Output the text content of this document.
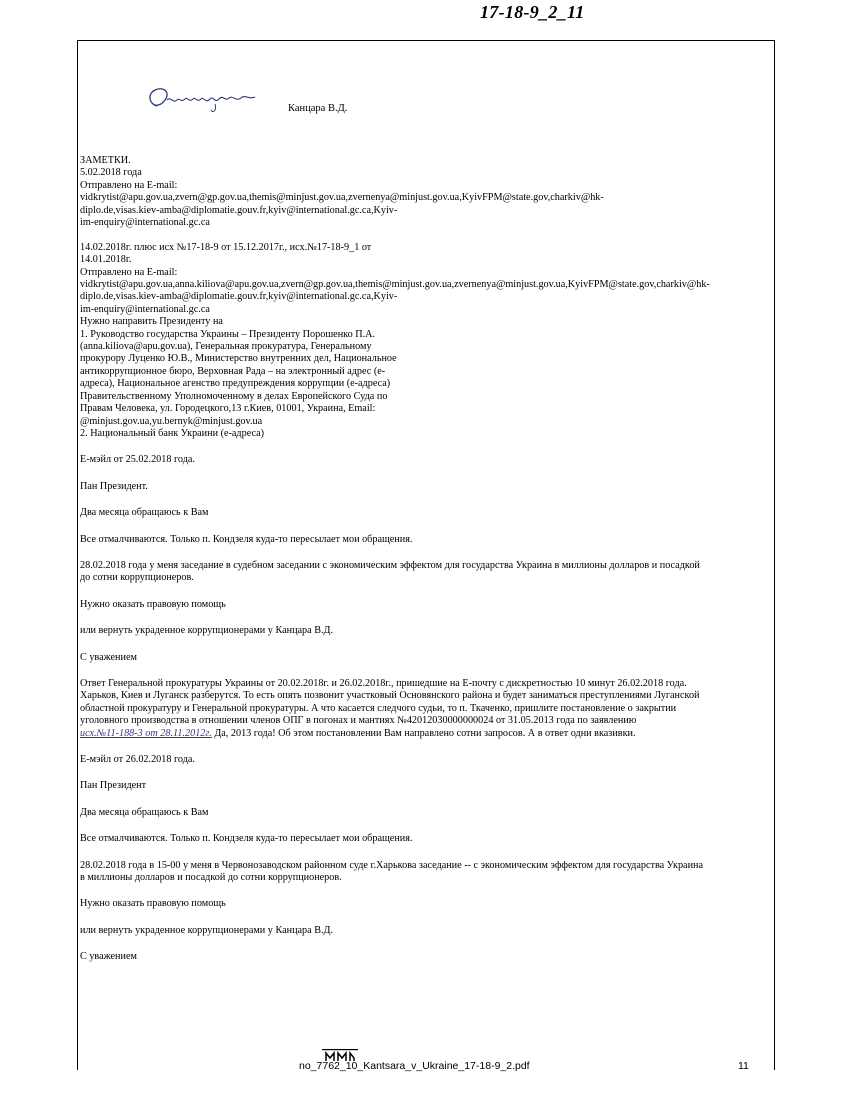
17-18-9_2_11
Канцара В.Д.
ЗАМЕТКИ.
5.02.2018 года
Отправлено на E-mail:
vidkrytist@apu.gov.ua,zvern@gp.gov.ua,themis@minjust.gov.ua,zvernenya@minjust.gov.ua,KyivFPM@state.gov,charkiv@hk-
diplo.de,visas.kiev-amba@diplomatie.gouv.fr,kyiv@international.gc.ca,Kyiv-
im-enquiry@international.gc.ca
14.02.2018г. плюс исх №17-18-9 от 15.12.2017г., исх.№17-18-9_1 от
14.01.2018г.
Отправлено на E-mail:
vidkrytist@apu.gov.ua,anna.kiliova@apu.gov.ua,zvern@gp.gov.ua,themis@minjust.gov.ua,zvernenya@minjust.gov.ua,KyivFPM@state.gov,charkiv@hk-
diplo.de,visas.kiev-amba@diplomatie.gouv.fr,kyiv@international.gc.ca,Kyiv-
im-enquiry@international.gc.ca
Нужно направить Президенту на
1. Руководство государства Украины – Президенту Порошенко П.А.
(anna.kiliova@apu.gov.ua), Генеральная прокуратура, Генеральному
прокурору Луценко Ю.В., Министерство внутренних дел, Национальное
антикоррупционное бюро, Верховная Рада – на электронный адрес (е-
адреса), Национальное агенство предупреждения коррупции (е-адреса)
Правительственному Уполномоченному в делах Европейского Суда по
Правам Человека, ул. Городецкого,13 г.Киев, 01001, Украина, Email:
@minjust.gov.ua,yu.bernyk@minjust.gov.ua
2. Национальный банк Украини (е-адреса)
Е-мэйл от 25.02.2018 года.
Пан Президент.
Два месяца обращаюсь к Вам
Все отмалчиваются. Только п. Кондзеля куда-то пересылает мои обращения.
28.02.2018 года у меня заседание в судебном заседании с экономическим эффектом для государства Украина в миллионы долларов и посадкой
до сотни коррупционеров.
Нужно оказать правовую помощь
или вернуть украденное коррупционерами у Канцара В.Д.
С уважением
Ответ Генеральной прокуратуры Украины от 20.02.2018г. и 26.02.2018г., пришедшие на Е-почту с дискретностью 10 минут 26.02.2018 года.
Харьков, Киев и Луганск разберутся. То есть опять позвонит участковый Основянского района и будет заниматься преступлениями Луганской
областной прокуратуру и Генеральной прокуратуры. А что касается следчого судьи, то п. Ткаченко, пришлите постановление о закрытии
уголовного производства в отношении членов ОПГ в погонах и мантиях №42012030000000024 от 31.05.2013 года по заявлению
исх.№11-188-3 от 28.11.2012г. Да, 2013 года! Об этом постановлении Вам направлено сотни запросов. А в ответ одни вказивки.
Е-мэйл от 26.02.2018 года.
Пан Президент
Два месяца обращаюсь к Вам
Все отмалчиваются. Только п. Кондзеля куда-то пересылает мои обращения.
28.02.2018 года в 15-00 у меня в Червонозаводском районном суде г.Харькова заседание -- с экономическим эффектом для государства Украина
в миллионы долларов и посадкой до сотни коррупционеров.
Нужно оказать правовую помощь
или вернуть украденное коррупционерами у Канцара В.Д.
С уважением
no_7762_10_Kantsara_v_Ukraine_17-18-9_2.pdf	11
